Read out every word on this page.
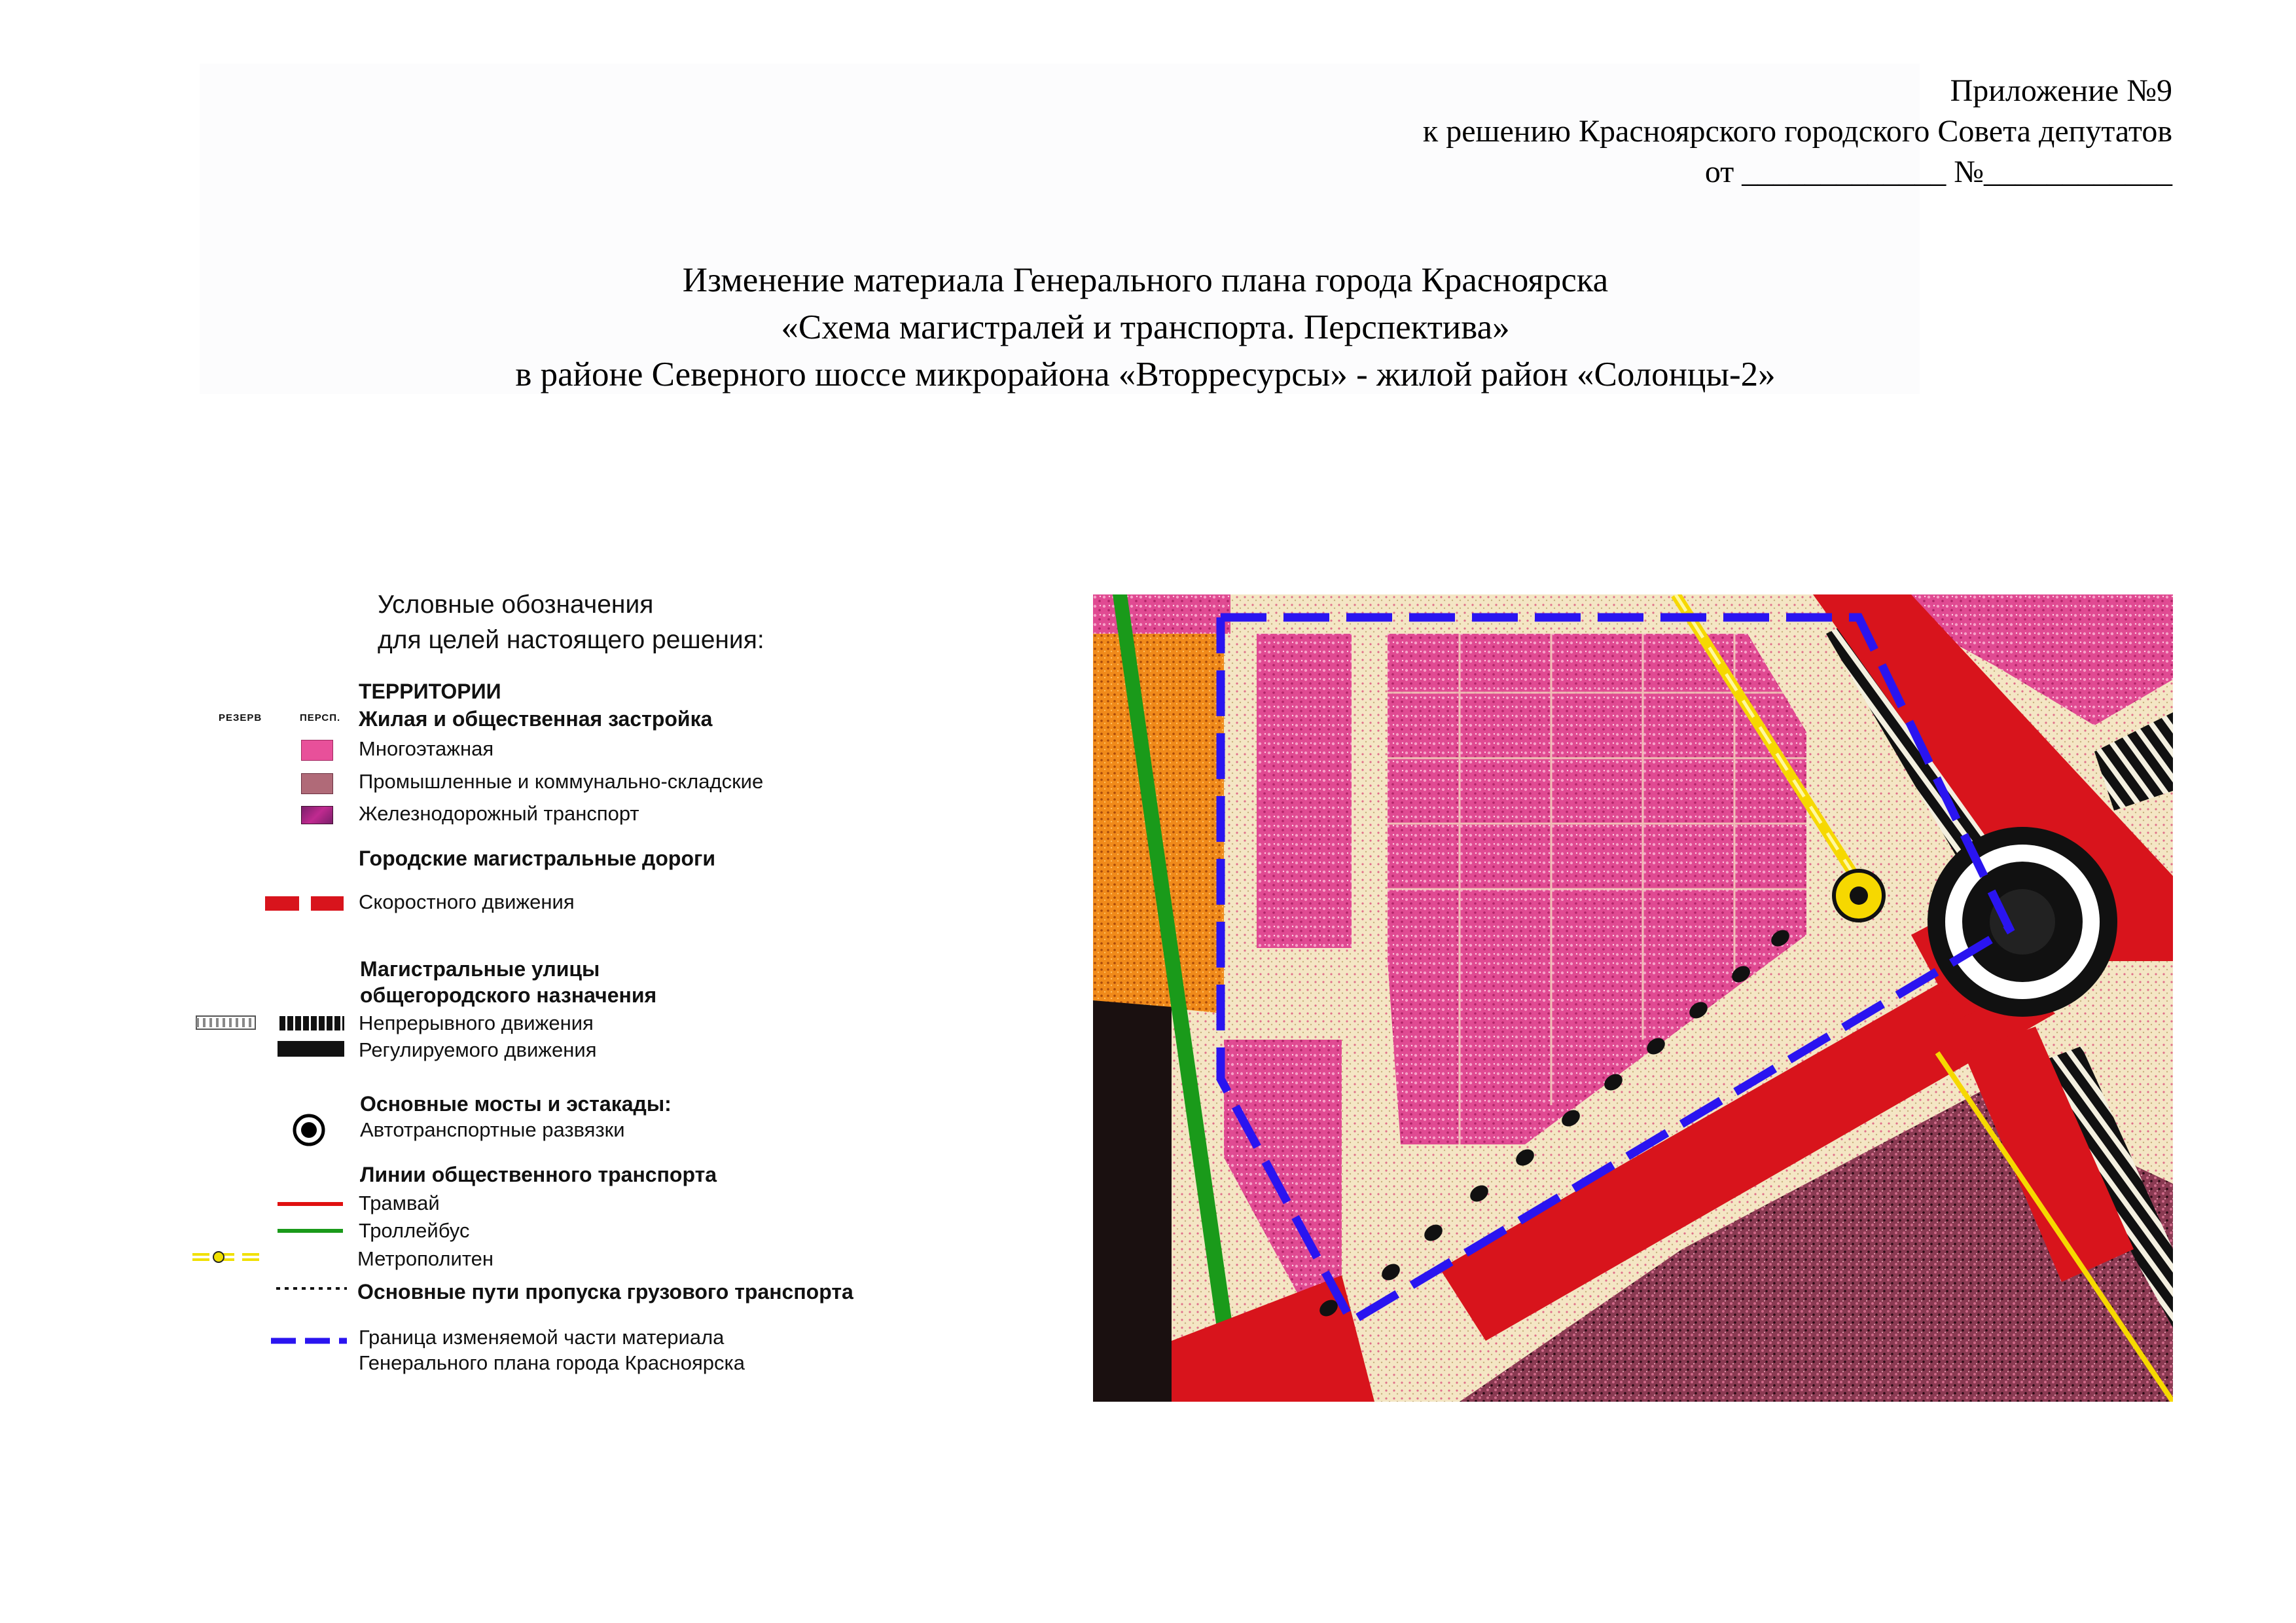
Приложение №9
к решению Красноярского городского Совета депутатов
от _____________ №____________
Изменение материала Генерального плана города Красноярска
«Схема магистралей и транспорта. Перспектива»
в районе Северного шоссе микрорайона «Вторресурсы» - жилой район «Солонцы-2»
Условные обозначения
для целей настоящего решения:
ТЕРРИТОРИИ
РЕЗЕРВ	ПЕРСП. Жилая и общественная застройка
Многоэтажная
Промышленные и коммунально-складские
Железнодорожный транспорт
Городские магистральные дороги
Скоростного движения
Магистральные улицы
общегородского назначения
Непрерывного движения
Регулируемого движения
Основные мосты и эстакады:
Автотранспортные развязки
Линии общественного транспорта
Трамвай
Троллейбус
Метрополитен
Основные пути пропуска грузового транспорта
Граница изменяемой части материала
Генерального плана города Красноярска
